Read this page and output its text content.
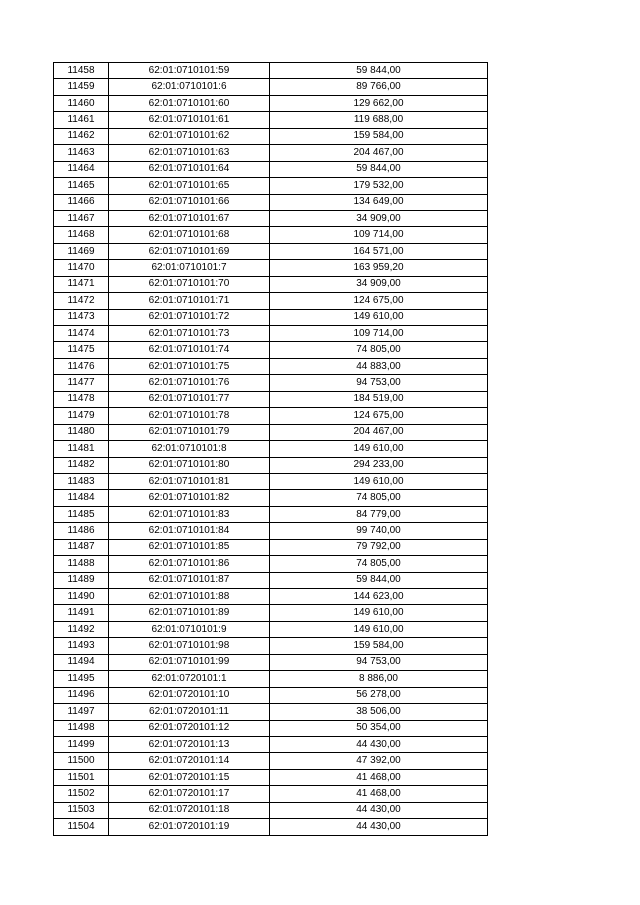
11458	62:01:0710101:59	59 844,00
11459	62:01:0710101:6	89 766,00
11460	62:01:0710101:60	129 662,00
11461	62:01:0710101:61	119 688,00
11462	62:01:0710101:62	159 584,00
11463	62:01:0710101:63	204 467,00
11464	62:01:0710101:64	59 844,00
11465	62:01:0710101:65	179 532,00
11466	62:01:0710101:66	134 649,00
11467	62:01:0710101:67	34 909,00
11468	62:01:0710101:68	109 714,00
11469	62:01:0710101:69	164 571,00
11470	62:01:0710101:7	163 959,20
11471	62:01:0710101:70	34 909,00
11472	62:01:0710101:71	124 675,00
11473	62:01:0710101:72	149 610,00
11474	62:01:0710101:73	109 714,00
11475	62:01:0710101:74	74 805,00
11476	62:01:0710101:75	44 883,00
11477	62:01:0710101:76	94 753,00
11478	62:01:0710101:77	184 519,00
11479	62:01:0710101:78	124 675,00
11480	62:01:0710101:79	204 467,00
11481	62:01:0710101:8	149 610,00
11482	62:01:0710101:80	294 233,00
11483	62:01:0710101:81	149 610,00
11484	62:01:0710101:82	74 805,00
11485	62:01:0710101:83	84 779,00
11486	62:01:0710101:84	99 740,00
11487	62:01:0710101:85	79 792,00
11488	62:01:0710101:86	74 805,00
11489	62:01:0710101:87	59 844,00
11490	62:01:0710101:88	144 623,00
11491	62:01:0710101:89	149 610,00
11492	62:01:0710101:9	149 610,00
11493	62:01:0710101:98	159 584,00
11494	62:01:0710101:99	94 753,00
11495	62:01:0720101:1	8 886,00
11496	62:01:0720101:10	56 278,00
11497	62:01:0720101:11	38 506,00
11498	62:01:0720101:12	50 354,00
11499	62:01:0720101:13	44 430,00
11500	62:01:0720101:14	47 392,00
11501	62:01:0720101:15	41 468,00
11502	62:01:0720101:17	41 468,00
11503	62:01:0720101:18	44 430,00
11504	62:01:0720101:19	44 430,00
